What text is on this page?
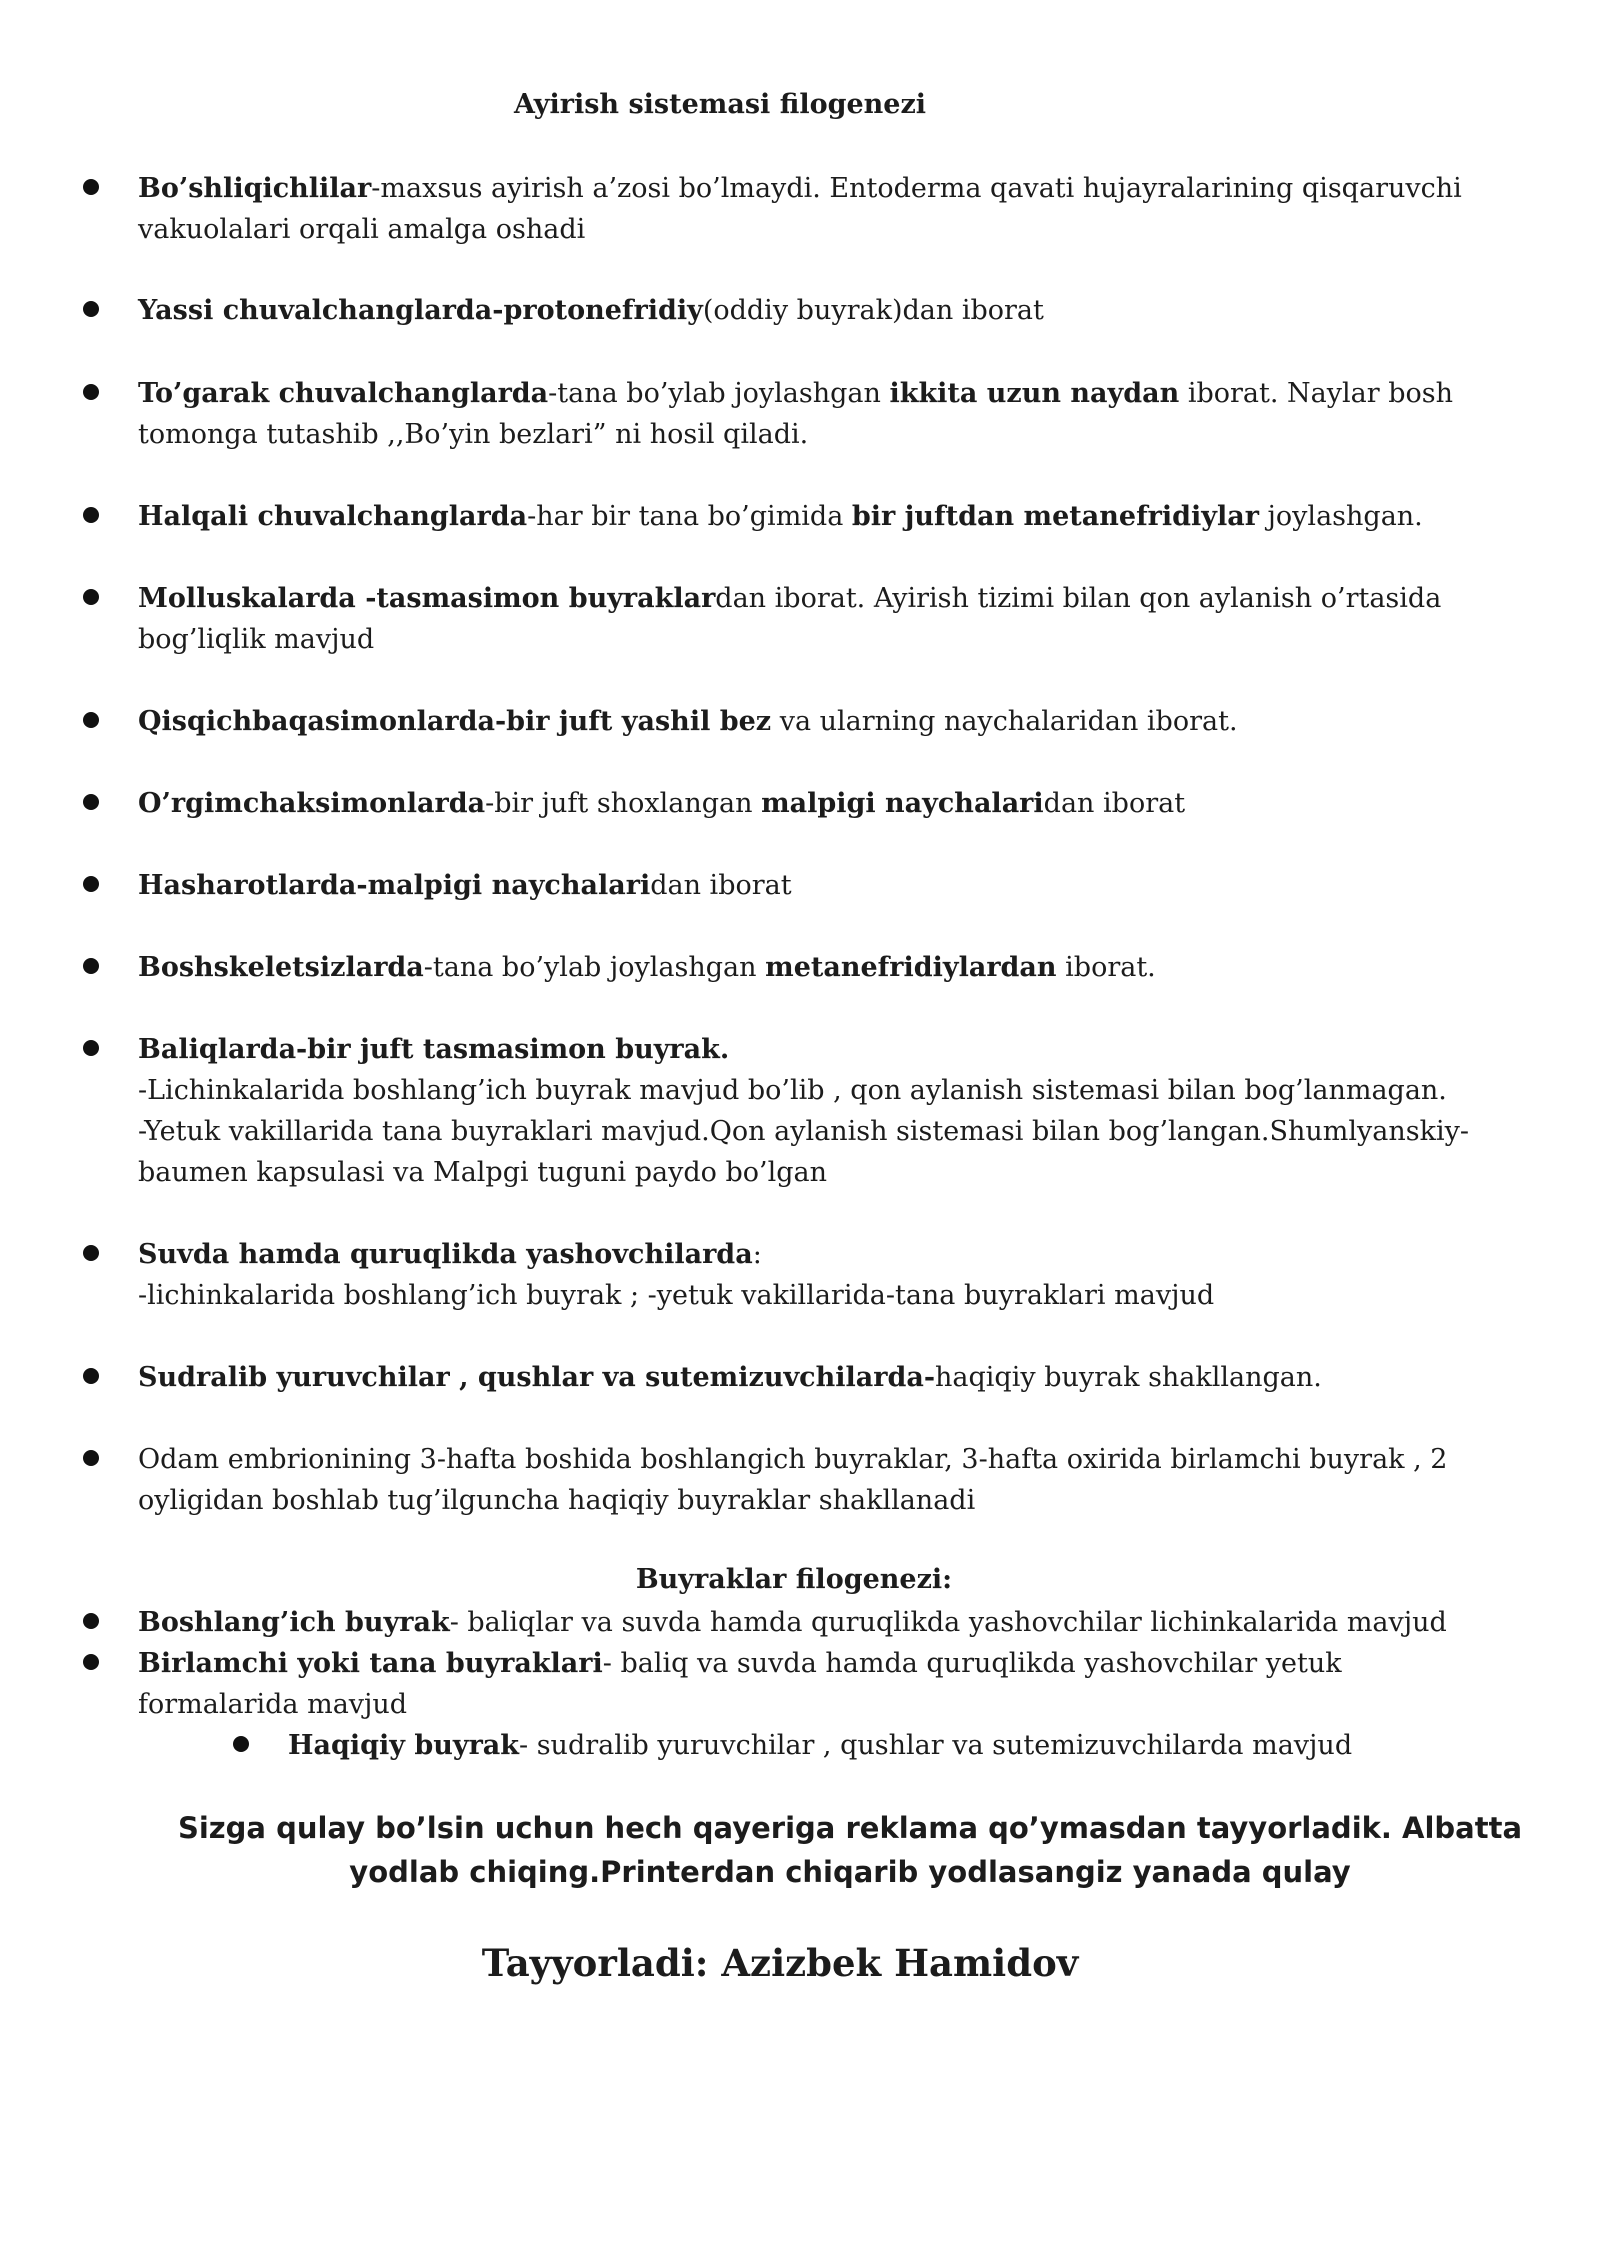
Ayirish sistemasi filogenezi
Bo’shliqichlilar-maxsus ayirish a’zosi bo’lmaydi. Entoderma qavati hujayralarining qisqaruvchi vakuolalari orqali amalga oshadi
Yassi chuvalchanglarda-protonefridiy(oddiy buyrak)dan iborat
To’garak chuvalchanglarda-tana bo’ylab joylashgan ikkita uzun naydan iborat. Naylar bosh tomonga tutashib ,,Bo’yin bezlari” ni hosil qiladi.
Halqali chuvalchanglarda-har bir tana bo’gimida bir juftdan metanefridiylar joylashgan.
Molluskalarda -tasmasimon buyraklardan iborat. Ayirish tizimi bilan qon aylanish o’rtasida bog’liqlik mavjud
Qisqichbaqasimonlarda-bir juft yashil bez va ularning naychalaridan iborat.
O’rgimchaksimonlarda-bir juft shoxlangan malpigi naychalaridan iborat
Hasharotlarda-malpigi naychalaridan iborat
Boshskeletsizlarda-tana bo’ylab joylashgan metanefridiylardan iborat.
Baliqlarda-bir juft tasmasimon buyrak.
-Lichinkalarida boshlang’ich buyrak mavjud bo’lib , qon aylanish sistemasi bilan bog’lanmagan.
-Yetuk vakillarida tana buyraklari mavjud.Qon aylanish sistemasi bilan bog’langan.Shumlyanskiy-baumen kapsulasi va Malpgi tuguni paydo bo’lgan
Suvda hamda quruqlikda yashovchilarda:
-lichinkalarida boshlang’ich buyrak ; -yetuk vakillarida-tana buyraklari mavjud
Sudralib yuruvchilar , qushlar va sutemizuvchilarda-haqiqiy buyrak shakllangan.
Odam embrionining 3-hafta boshida boshlangich buyraklar, 3-hafta oxirida birlamchi buyrak , 2 oyligidan boshlab tug’ilguncha haqiqiy buyraklar shakllanadi
Buyraklar filogenezi:
Boshlang’ich buyrak- baliqlar va suvda hamda quruqlikda yashovchilar lichinkalarida mavjud
Birlamchi yoki tana buyraklari- baliq va suvda hamda quruqlikda yashovchilar yetuk formalarida mavjud
Haqiqiy buyrak- sudralib yuruvchilar , qushlar va sutemizuvchilarda mavjud
Sizga qulay bo’lsin uchun hech qayeriga reklama qo’ymasdan tayyorladik. Albatta yodlab chiqing.Printerdan chiqarib yodlasangiz yanada qulay
Tayyorladi: Azizbek Hamidov
